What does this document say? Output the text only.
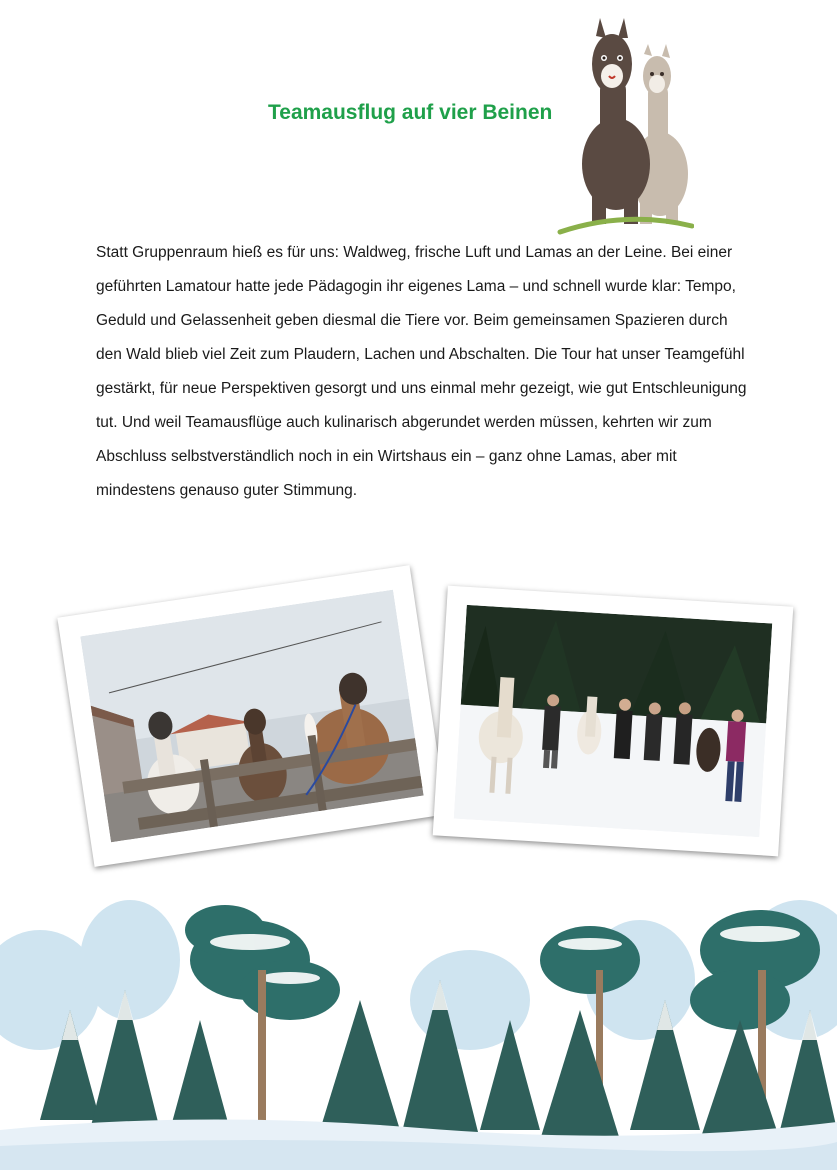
Teamausflug auf vier Beinen
Statt Gruppenraum hieß es für uns: Waldweg, frische Luft und Lamas an der Leine. Bei einer geführten Lamatour hatte jede Pädagogin ihr eigenes Lama – und schnell wurde klar: Tempo, Geduld und Gelassenheit geben diesmal die Tiere vor. Beim gemeinsamen Spazieren durch den Wald blieb viel Zeit zum Plaudern, Lachen und Abschalten. Die Tour hat unser Teamgefühl gestärkt, für neue Perspektiven gesorgt und uns einmal mehr gezeigt, wie gut Entschleunigung tut. Und weil Teamausflüge auch kulinarisch abgerundet werden müssen, kehrten wir zum Abschluss selbstverständlich noch in ein Wirtshaus ein – ganz ohne Lamas, aber mit mindestens genauso guter Stimmung.
